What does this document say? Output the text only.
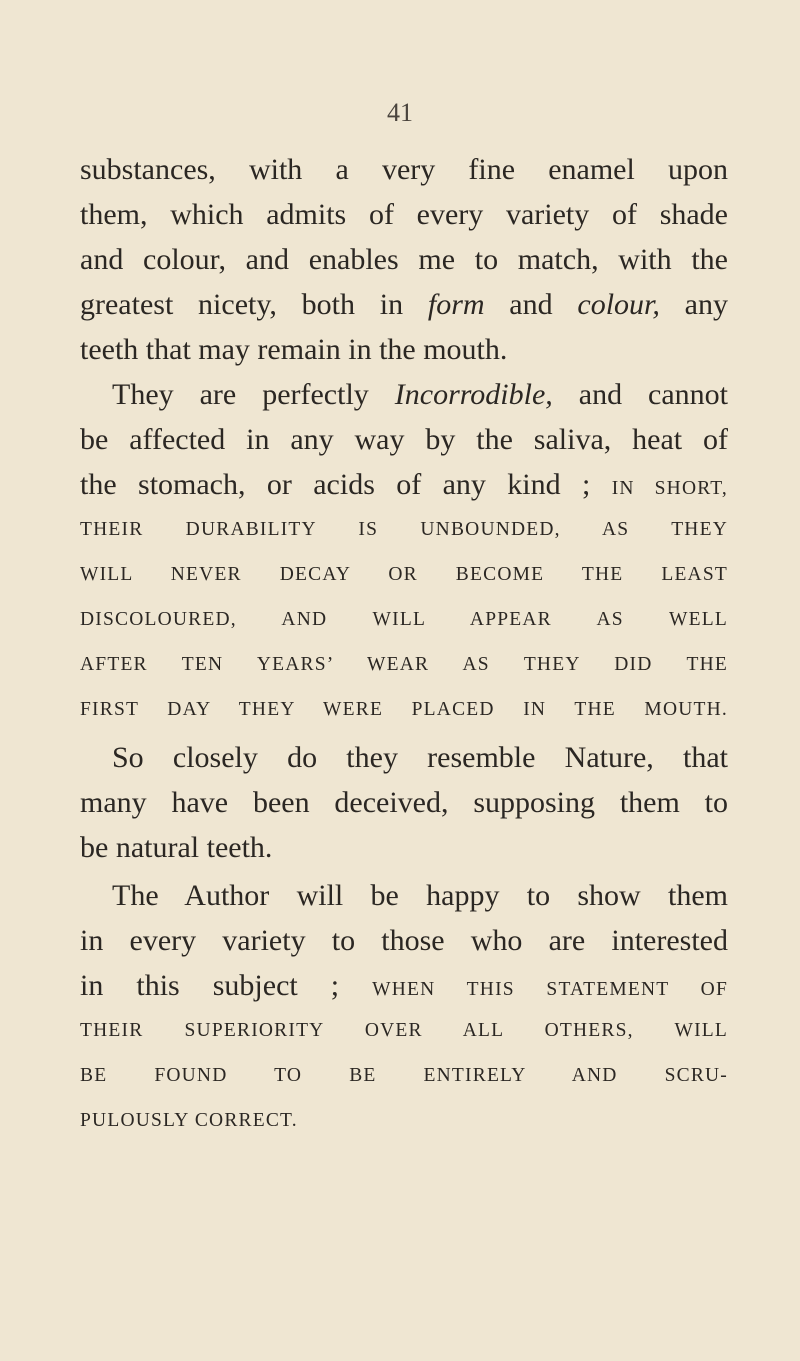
41
substances, with a very fine enamel upon
them, which admits of every variety of shade
and colour, and enables me to match, with the
greatest nicety, both in form and colour, any
teeth that may remain in the mouth.
They are perfectly Incorrodible, and cannot
be affected in any way by the saliva, heat of
the stomach, or acids of any kind ; IN SHORT,
THEIR DURABILITY IS UNBOUNDED, AS THEY
WILL NEVER DECAY OR BECOME THE LEAST
DISCOLOURED, AND WILL APPEAR AS WELL
AFTER TEN YEARS’ WEAR AS THEY DID THE
FIRST DAY THEY WERE PLACED IN THE MOUTH.
So closely do they resemble Nature, that
many have been deceived, supposing them to
be natural teeth.
The Author will be happy to show them
in every variety to those who are interested
in this subject ; WHEN THIS STATEMENT OF
THEIR SUPERIORITY OVER ALL OTHERS, WILL
BE FOUND TO BE ENTIRELY AND SCRU-
PULOUSLY CORRECT.
